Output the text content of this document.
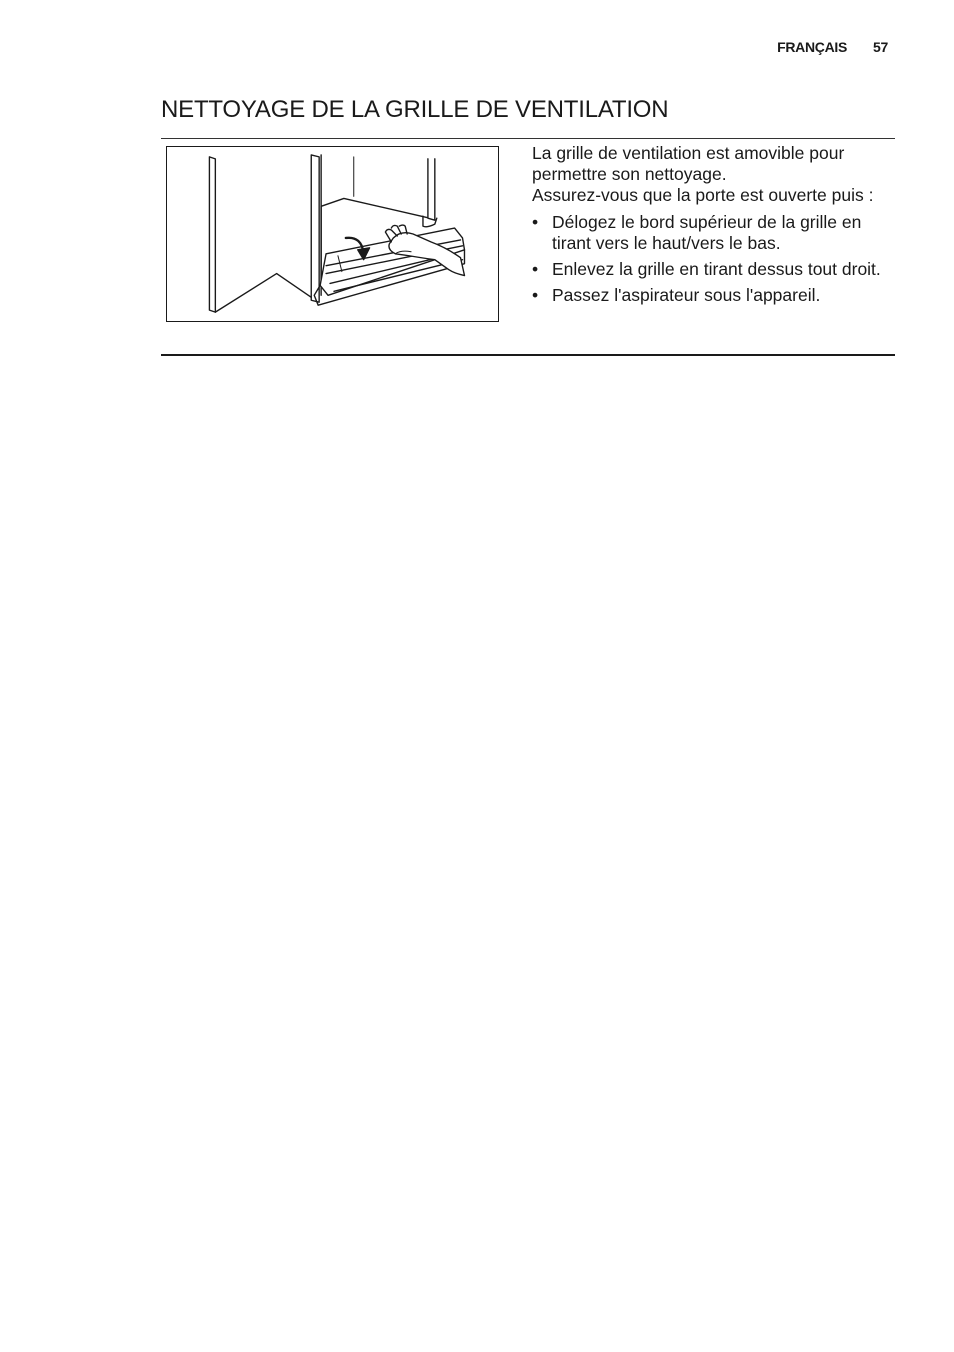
FRANÇAIS 57
NETTOYAGE DE LA GRILLE DE VENTILATION

La grille de ventilation est amovible pour permettre son nettoyage.

Assurez-vous que la porte est ouverte puis :

• Délogez le bord supérieur de la grille en tirant vers le haut/vers le bas.
• Enlevez la grille en tirant dessus tout droit.
• Passez l'aspirateur sous l'appareil.
